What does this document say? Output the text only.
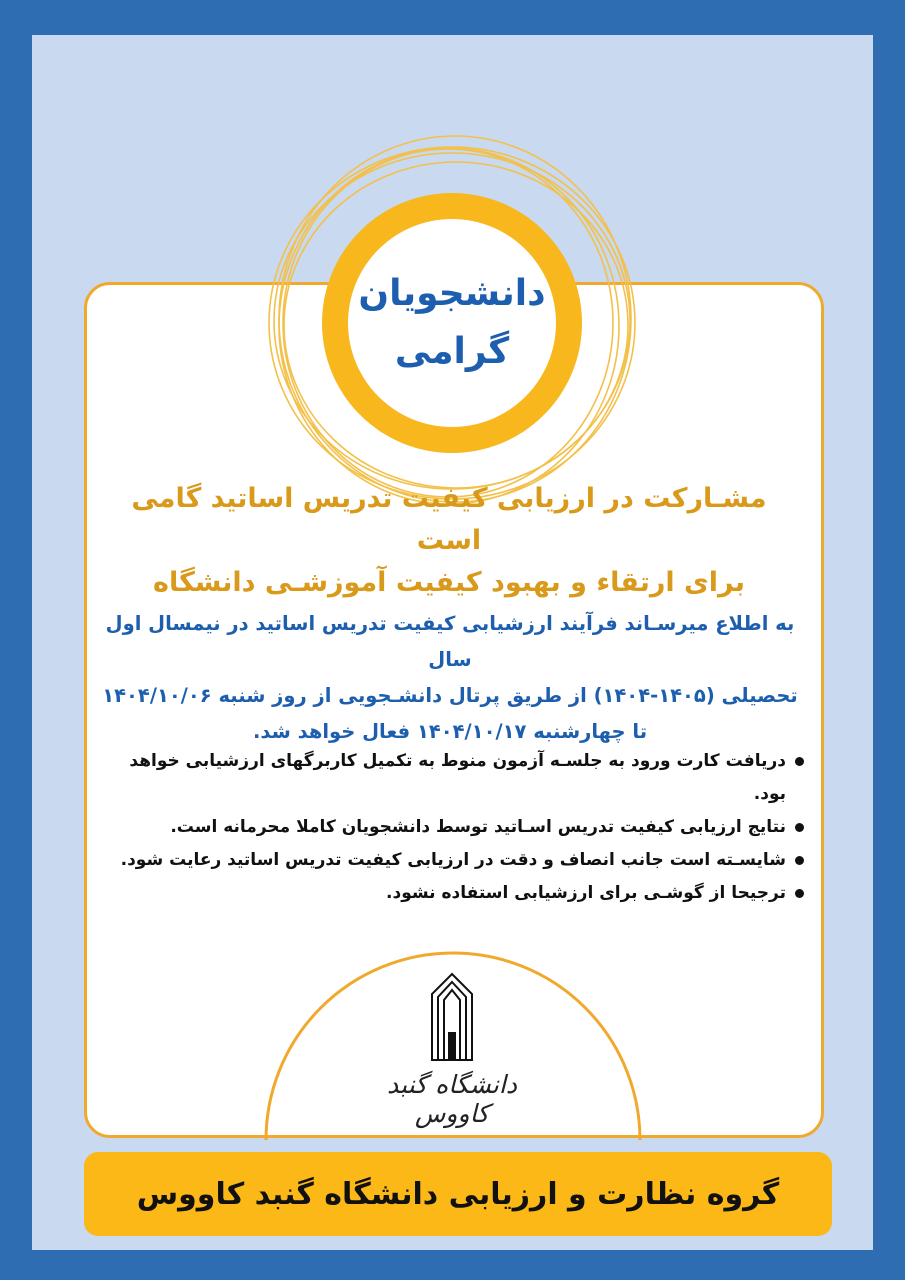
دانشجویان
گرامی
مشـارکت در ارزیابی کیفیت تدریس اساتید گامی است
برای ارتقاء و بهبود کیفیت آموزشـی دانشگاه
به اطلاع میرسـاند فرآیند ارزشیابی کیفیت تدریس اساتید در نیمسال اول سال
تحصیلی (۱۴۰۵-۱۴۰۴) از طریق پرتال دانشـجویی از روز شنبه ۱۴۰۴/۱۰/۰۶
تا چهارشنبه ۱۴۰۴/۱۰/۱۷ فعال خواهد شد.
دریافت کارت ورود به جلسـه آزمون منوط به تکمیل کاربرگهای ارزشیابی خواهد بود.
نتایج ارزیابی کیفیت تدریس اسـاتید توسط دانشجویان کاملا محرمانه است.
شایسـته است جانب انصاف و دقت در ارزیابی کیفیت تدریس اساتید رعایت شود.
ترجیحا از گوشـی برای ارزشیابی استفاده نشود.
دانشگاه گنبد کاووس
گروه نظارت و ارزیابی دانشگاه گنبد کاووس
